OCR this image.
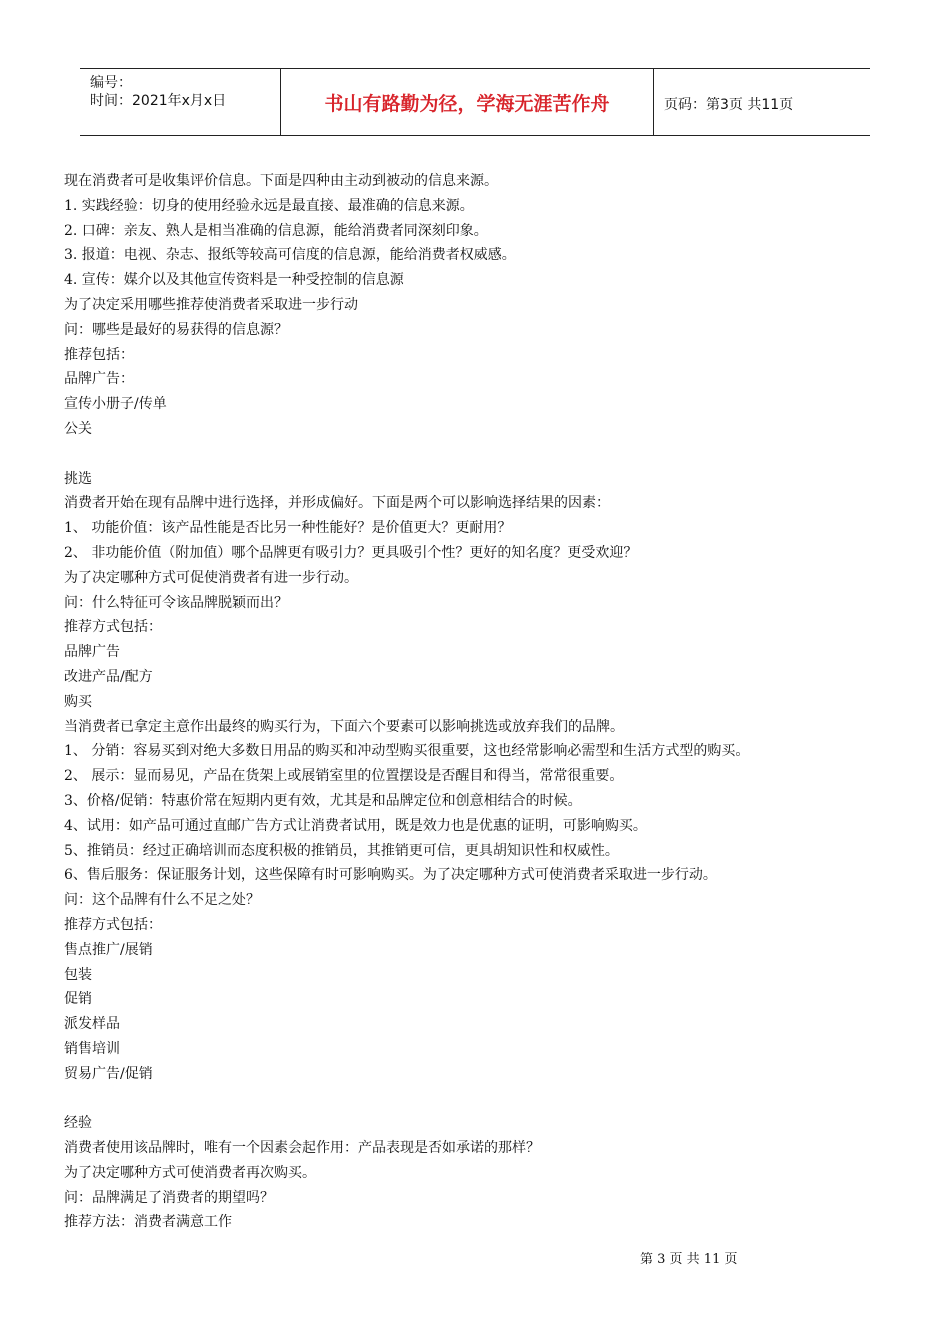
编号：
时间：2021年x月x日	书山有路勤为径，学海无涯苦作舟	页码：第3页 共11页
现在消费者可是收集评价信息。下面是四种由主动到被动的信息来源。
1. 实践经验：切身的使用经验永远是最直接、最准确的信息来源。
2. 口碑：亲友、熟人是相当准确的信息源，能给消费者同深刻印象。
3. 报道：电视、杂志、报纸等较高可信度的信息源，能给消费者权威感。
4. 宣传：媒介以及其他宣传资料是一种受控制的信息源
为了决定采用哪些推荐使消费者采取进一步行动
问：哪些是最好的易获得的信息源？
推荐包括：
品牌广告：
宣传小册子/传单
公关
挑选
消费者开始在现有品牌中进行选择，并形成偏好。下面是两个可以影响选择结果的因素：
1、 功能价值：该产品性能是否比另一种性能好？是价值更大？更耐用？
2、 非功能价值（附加值）哪个品牌更有吸引力？更具吸引个性？更好的知名度？更受欢迎？
为了决定哪种方式可促使消费者有进一步行动。
问：什么特征可令该品牌脱颖而出？
推荐方式包括：
品牌广告
改进产品/配方
购买
当消费者已拿定主意作出最终的购买行为，下面六个要素可以影响挑选或放弃我们的品牌。
1、 分销：容易买到对绝大多数日用品的购买和冲动型购买很重要，这也经常影响必需型和生活方式型的购买。
2、 展示：显而易见，产品在货架上或展销室里的位置摆设是否醒目和得当，常常很重要。
3、价格/促销：特惠价常在短期内更有效，尤其是和品牌定位和创意相结合的时候。
4、试用：如产品可通过直邮广告方式让消费者试用，既是效力也是优惠的证明，可影响购买。
5、推销员：经过正确培训而态度积极的推销员，其推销更可信，更具胡知识性和权威性。
6、售后服务：保证服务计划，这些保障有时可影响购买。为了决定哪种方式可使消费者采取进一步行动。
问：这个品牌有什么不足之处？
推荐方式包括：
售点推广/展销
包装
促销
派发样品
销售培训
贸易广告/促销
经验
消费者使用该品牌时，唯有一个因素会起作用：产品表现是否如承诺的那样？
为了决定哪种方式可使消费者再次购买。
问：品牌满足了消费者的期望吗？
推荐方法：消费者满意工作
第 3 页 共 11 页
